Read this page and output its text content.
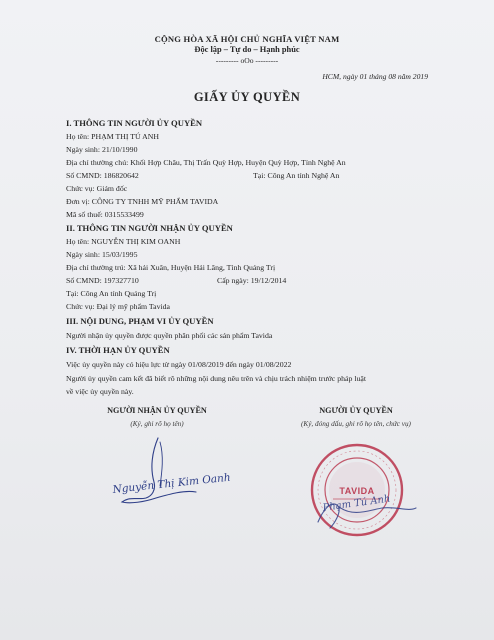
CỘNG HÒA XÃ HỘI CHỦ NGHĨA VIỆT NAM
Độc lập – Tự do – Hạnh phúc
--------- oOo ---------
HCM, ngày 01 tháng 08 năm 2019
GIẤY ỦY QUYỀN
I. THÔNG TIN NGƯỜI ỦY QUYỀN
Họ tên: PHẠM THỊ TÚ ANH
Ngày sinh: 21/10/1990
Địa chỉ thường chú: Khối Hợp Châu, Thị Trấn Quỳ Hợp, Huyện Quỳ Hợp, Tỉnh Nghệ An
Số CMND: 186820642	Tại: Công An tỉnh Nghệ An
Chức vụ: Giám đốc
Đơn vị: CÔNG TY TNHH MỸ PHẨM TAVIDA
Mã số thuế: 0315533499
II. THÔNG TIN NGƯỜI NHẬN ỦY QUYỀN
Họ tên: NGUYỄN THỊ KIM OANH
Ngày sinh: 15/03/1995
Địa chỉ thường trú: Xã hải Xuân, Huyện Hải Lăng, Tỉnh Quảng Trị
Số CMND: 197327710	Cấp ngày: 19/12/2014
Tại: Công An tỉnh Quảng Trị
Chức vụ: Đại lý mỹ phẩm Tavida
III. NỘI DUNG, PHẠM VI ỦY QUYỀN
Người nhận ủy quyền được quyền phân phối các sản phẩm Tavida
IV. THỜI HẠN ỦY QUYỀN
Việc ủy quyền này có hiệu lực từ ngày 01/08/2019 đến ngày 01/08/2022
Người ủy quyền cam kết đã biết rõ những nội dung nêu trên và chịu trách nhiệm trước pháp luật
về việc ủy quyền này.
NGƯỜI NHẬN ỦY QUYỀN
(Ký, ghi rõ họ tên)
NGƯỜI ỦY QUYỀN
(Ký, đóng dấu, ghi rõ họ tên, chức vụ)
Nguyễn Thị Kim Oanh	TAVIDA
Phạm Tú Anh
